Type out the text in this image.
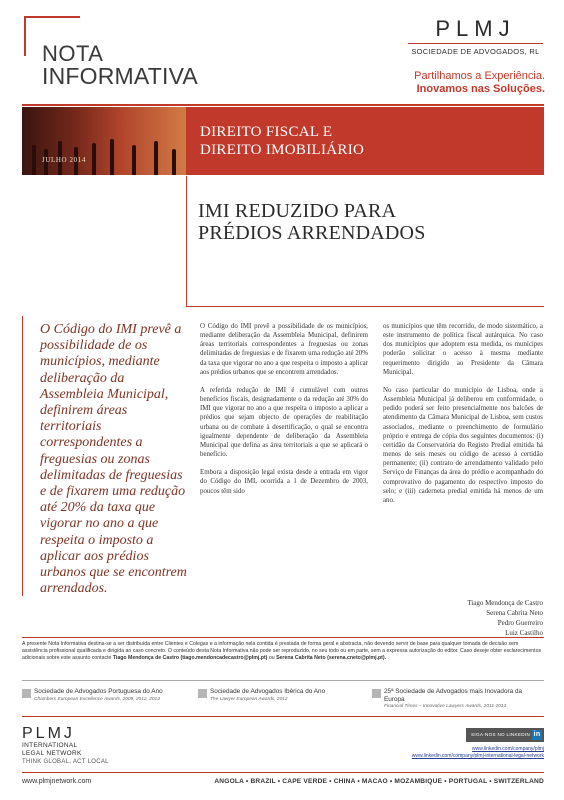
NOTA
INFORMATIVA
PLMJ
SOCIEDADE DE ADVOGADOS, RL
Partilhamos a Experiência.
Inovamos nas Soluções.
DIREITO FISCAL E
DIREITO IMOBILIÁRIO
JULHO 2014
IMI REDUZIDO PARA
PRÉDIOS ARRENDADOS
O Código do IMI prevê a possibilidade de os municípios, mediante deliberação da Assembleia Municipal, definirem áreas territoriais correspondentes a freguesias ou zonas delimitadas de freguesias e de fixarem uma redução até 20% da taxa que vigorar no ano a que respeita o imposto a aplicar aos prédios urbanos que se encontrem arrendados.

O Código do IMI prevê a possibilidade de os municípios, mediante deliberação da Assembleia Municipal, definirem áreas territoriais correspondentes a freguesias ou zonas delimitadas de freguesias e de fixarem uma redução até 20% da taxa que vigorar no ano a que respeita o imposto a aplicar aos prédios urbanos que se encontrem arrendados.

A referida redução de IMI é cumulável com outros benefícios fiscais, designadamente o da redução até 30% do IMI que vigorar no ano a que respeita o imposto a aplicar a prédios que sejam objecto de operações de reabilitação urbana ou de combate à desertificação, o qual se encontra igualmente dependente de deliberação da Assembleia Municipal que defina as área territoriais a que se aplicará o benefício.

Embora a disposição legal exista desde a entrada em vigor do Código do IMI, ocorrida a 1 de Dezembro de 2003, poucos têm sido

os municípios que têm recorrido, de modo sistemático, a este instrumento de política fiscal autárquica. No caso dos municípios que adoptem esta medida, os munícipes poderão solicitar o acesso à mesma mediante requerimento dirigido ao Presidente da Câmara Municipal.

No caso particular do município de Lisboa, onde a Assembleia Municipal já deliberou em conformidade, o pedido poderá ser feito presencialmente nos balcões de atendimento da Câmara Municipal de Lisboa, sem custos associados, mediante o preenchimento de formulário próprio e entrega de cópia dos seguintes documentos: (i) certidão da Conservatória do Registo Predial emitida há menos de seis meses ou código de acesso à certidão permanente; (ii) contrato de arrendamento validado pelo Serviço de Finanças da área do prédio e acompanhado do comprovativo do pagamento do respectivo imposto do selo; e (iii) caderneta predial emitida há menos de um ano.

Tiago Mendonça de Castro
Serena Cabrita Neto
Pedro Guerreiro
Luiz Castilho
A presente Nota Informativa destina-se a ser distribuída entre Clientes e Colegas e a informação nela contida é prestada de forma geral e abstracta, não devendo servir de base para qualquer tomada de decisão sem assistência profissional qualificada e dirigida ao caso concreto. O conteúdo desta Nota Informativa não pode ser reproduzido, no seu todo ou em parte, sem a expressa autorização do editor. Caso deseje obter esclarecimentos adicionais sobre este assunto contacte Tiago Mendonça de Castro (tiago.mendoncadecastro@plmj.pt) ou Serena Cabrita Neto (serena.cneto@plmj.pt).
Sociedade de Advogados Portuguesa do Ano
Chambers European Excellence Awards, 2009, 2012, 2014
Sociedade de Advogados Ibérica do Ano
The Lawyer European Awards, 2012
25ª Sociedade de Advogados mais Inovadora da Europa
Financial Times – Innovative Lawyers Awards, 2011-2013
PLMJ
INTERNATIONAL
LEGAL NETWORK
THINK GLOBAL, ACT LOCAL
SIGA-NOS NO LINKEDIN in
www.linkedin.com/company/plmj
www.linkedin.com/company/plmj-international-legal-network
www.plmjnetwork.com	ANGOLA • BRAZIL • CAPE VERDE • CHINA • MACAO • MOZAMBIQUE • PORTUGAL • SWITZERLAND
